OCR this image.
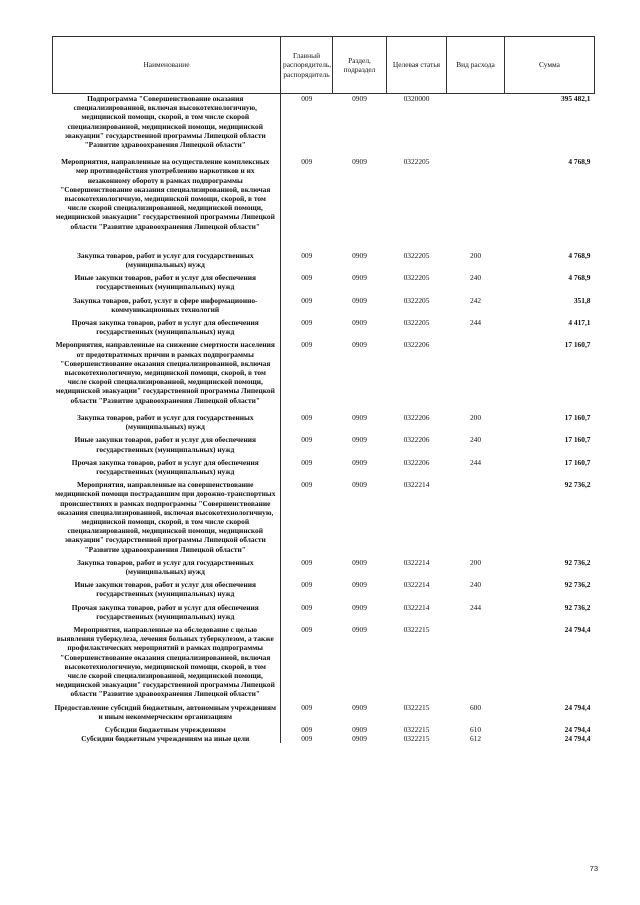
Наименование	Главный распорядитель, распорядитель	Раздел, подраздел	Целевая статья	Вид расхода	Сумма
Подпрограмма "Совершенствование оказания специализированной, включая высокотехнологичную, медицинской помощи, скорой, в том числе скорой специализированной, медицинской помощи, медицинской эвакуации" государственной программы Липецкой области "Развитие здравоохранения Липецкой области"	009	0909	0320000		395 482,1
Мероприятия, направленные на осуществление комплексных мер противодействия употреблению наркотиков и их незаконному обороту в рамках подпрограммы "Совершенствование оказания специализированной, включая высокотехнологичную, медицинской помощи, скорой, в том числе скорой специализированной, медицинской помощи, медицинской эвакуации" государственной программы Липецкой области "Развитие здравоохранения Липецкой области"	009	0909	0322205		4 768,9
Закупка товаров, работ и услуг для государственных (муниципальных) нужд	009	0909	0322205	200	4 768,9
Иные закупки товаров, работ и услуг для обеспечения государственных (муниципальных) нужд	009	0909	0322205	240	4 768,9
Закупка товаров, работ, услуг в сфере информационно-коммуникационных технологий	009	0909	0322205	242	351,8
Прочая закупка товаров, работ и услуг для обеспечения государственных (муниципальных) нужд	009	0909	0322205	244	4 417,1
Мероприятия, направленные на снижение смертности населения от предотвратимых причин в рамках подпрограммы "Совершенствование оказания специализированной, включая высокотехнологичную, медицинской помощи, скорой, в том числе скорой специализированной, медицинской помощи, медицинской эвакуации" государственной программы Липецкой области "Развитие здравоохранения Липецкой области"	009	0909	0322206		17 160,7
Закупка товаров, работ и услуг для государственных (муниципальных) нужд	009	0909	0322206	200	17 160,7
Иные закупки товаров, работ и услуг для обеспечения государственных (муниципальных) нужд	009	0909	0322206	240	17 160,7
Прочая закупка товаров, работ и услуг для обеспечения государственных (муниципальных) нужд	009	0909	0322206	244	17 160,7
Мероприятия, направленные на совершенствование медицинской помощи пострадавшим при дорожно-транспортных происшествиях в рамках подпрограммы "Совершенствование оказания специализированной, включая высокотехнологичную, медицинской помощи, скорой, в том числе скорой специализированной, медицинской помощи, медицинской эвакуации" государственной программы Липецкой области "Развитие здравоохранения Липецкой области"	009	0909	0322214		92 736,2
Закупка товаров, работ и услуг для государственных (муниципальных) нужд	009	0909	0322214	200	92 736,2
Иные закупки товаров, работ и услуг для обеспечения государственных (муниципальных) нужд	009	0909	0322214	240	92 736,2
Прочая закупка товаров, работ и услуг для обеспечения государственных (муниципальных) нужд	009	0909	0322214	244	92 736,2
Мероприятия, направленные на обследование с целью выявления туберкулеза, лечения больных туберкулезом, а также профилактических мероприятий в рамках подпрограммы "Совершенствование оказания специализированной, включая высокотехнологичную, медицинской помощи, скорой, в том числе скорой специализированной, медицинской помощи, медицинской эвакуации" государственной программы Липецкой области "Развитие здравоохранения Липецкой области"	009	0909	0322215		24 794,4
Предоставление субсидий бюджетным, автономным учреждениям и иным некоммерческим организациям	009	0909	0322215	600	24 794,4
Субсидии бюджетным учреждениям	009	0909	0322215	610	24 794,4
Субсидии бюджетным учреждениям на иные цели	009	0909	0322215	612	24 794,4
73
